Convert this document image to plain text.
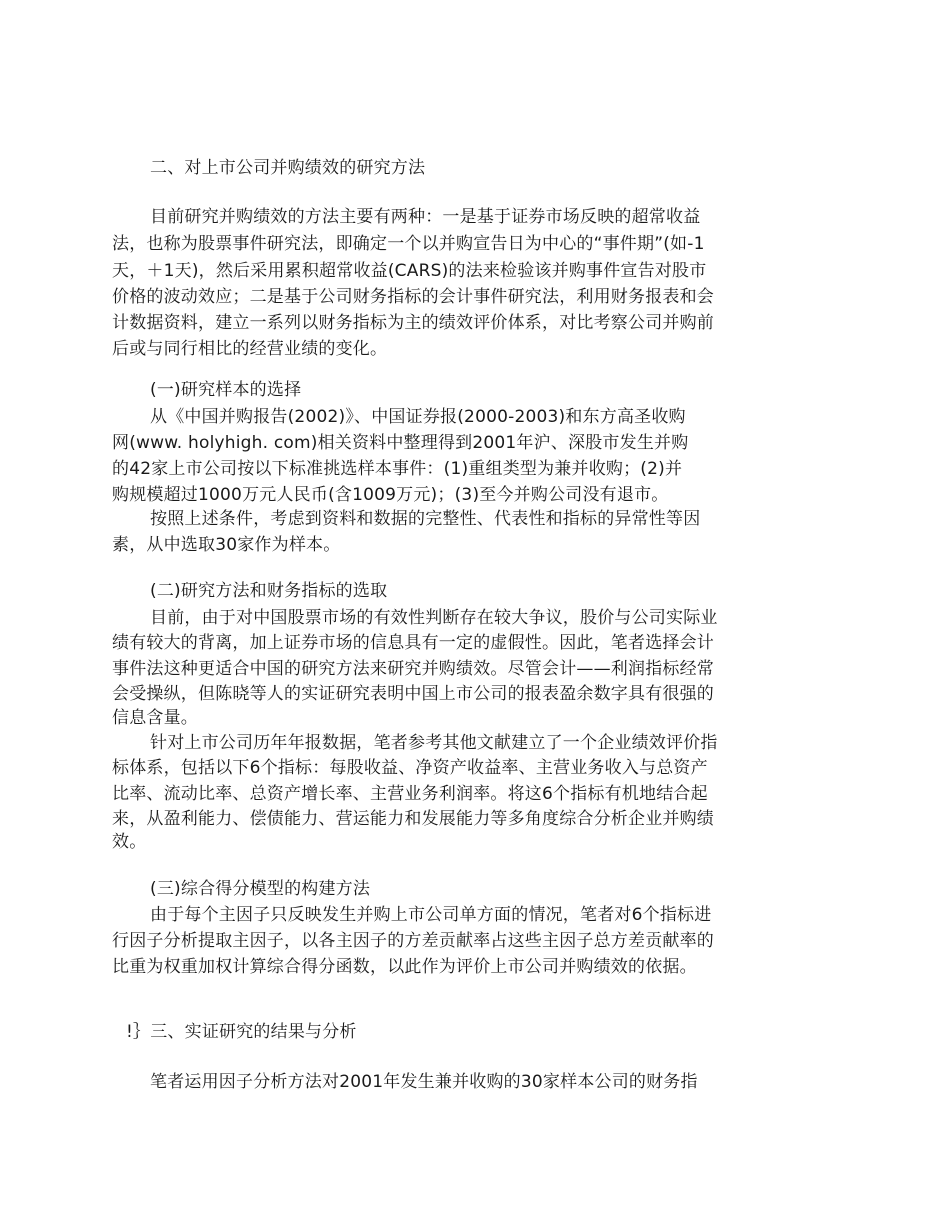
二、对上市公司并购绩效的研究方法
目前研究并购绩效的方法主要有两种：一是基于证券市场反映的超常收益
法，也称为股票事件研究法，即确定一个以并购宣告日为中心的“事件期”(如-1
天，＋1天)，然后采用累积超常收益(CARS)的法来检验该并购事件宣告对股市
价格的波动效应；二是基于公司财务指标的会计事件研究法，利用财务报表和会
计数据资料，建立一系列以财务指标为主的绩效评价体系，对比考察公司并购前
后或与同行相比的经营业绩的变化。
(一)研究样本的选择
从《中国并购报告(2002)》、中国证券报(2000-2003)和东方高圣收购
网(www. holyhigh. com)相关资料中整理得到2001年沪、深股市发生并购
的42家上市公司按以下标准挑选样本事件：(1)重组类型为兼并收购；(2)并
购规模超过1000万元人民币(含1009万元)；(3)至今并购公司没有退市。
按照上述条件，考虑到资料和数据的完整性、代表性和指标的异常性等因
素，从中选取30家作为样本。
(二)研究方法和财务指标的选取
目前，由于对中国股票市场的有效性判断存在较大争议，股价与公司实际业
绩有较大的背离，加上证券市场的信息具有一定的虚假性。因此，笔者选择会计
事件法这种更适合中国的研究方法来研究并购绩效。尽管会计——利润指标经常
会受操纵，但陈晓等人的实证研究表明中国上市公司的报表盈余数字具有很强的
信息含量。
针对上市公司历年年报数据，笔者参考其他文献建立了一个企业绩效评价指
标体系，包括以下6个指标：每股收益、净资产收益率、主营业务收入与总资产
比率、流动比率、总资产增长率、主营业务利润率。将这6个指标有机地结合起
来，从盈利能力、偿债能力、营运能力和发展能力等多角度综合分析企业并购绩
效。
(三)综合得分模型的构建方法
由于每个主因子只反映发生并购上市公司单方面的情况，笔者对6个指标进
行因子分析提取主因子，以各主因子的方差贡献率占这些主因子总方差贡献率的
比重为权重加权计算综合得分函数，以此作为评价上市公司并购绩效的依据。
!｝三、实证研究的结果与分析
笔者运用因子分析方法对2001年发生兼并收购的30家样本公司的财务指
